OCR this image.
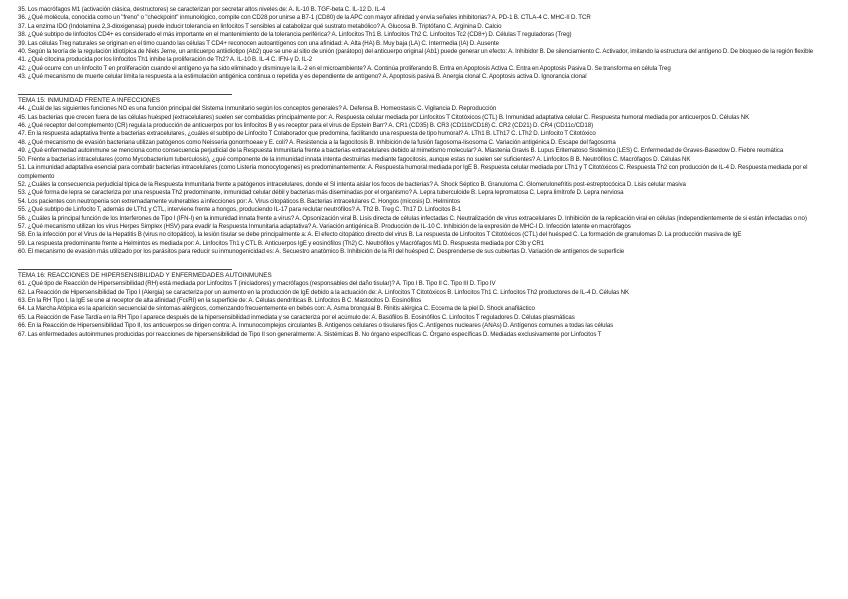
35. Los macrófagos M1 (activación clásica, destructores) se caracterizan por secretar altos niveles de: A. IL-10 B. TGF-beta C. IL-12 D. IL-4

36. ¿Qué molécula, conocida como un "freno" o "checkpoint" inmunológico, compite con CD28 por unirse a B7-1 (CD80) de la APC con mayor afinidad y envía señales inhibitorias? A. PD-1 B. CTLA-4 C. MHC-II D. TCR

37. La enzima IDO (Indolamina 2,3-dioxigenasa) puede inducir tolerancia en linfocitos T sensibles al catabolizar qué sustrato metabólico? A. Glucosa B. Triptófano C. Arginina D. Calcio

38. ¿Qué subtipo de linfocitos CD4+ es considerado el más importante en el mantenimiento de la tolerancia periférica? A. Linfocitos Th1 B. Linfocitos Th2 C. Linfocitos Tc2 (CD8+) D. Células T reguladoras (Treg)

39. Las células Treg naturales se originan en el timo cuando las células T CD4+ reconocen autoantígenos con una afinidad: A. Alta (HA) B. Muy baja (LA) C. Intermedia (IA) D. Ausente

40. Según la teoría de la regulación idiotípica de Niels Jerne, un anticuerpo antiidiotipo (Ab2) que se une al sitio de unión (parátopo) del anticuerpo original (Ab1) puede generar un efecto: A. Inhibidor B. De silenciamiento C. Activador, imitando la estructura del antígeno D. De bloqueo de la región flexible

41. ¿Qué citocina producida por los linfocitos Th1 inhibe la proliferación de Th2? A. IL-10 B. IL-4 C. IFN-γ D. IL-2

42. ¿Qué ocurre con un linfocito T en proliferación cuando el antígeno ya ha sido eliminado y disminuye la IL-2 en el microambiente? A. Continúa proliferando B. Entra en Apoptosis Activa C. Entra en Apoptosis Pasiva D. Se transforma en célula Treg

43. ¿Qué mecanismo de muerte celular limita la respuesta a la estimulación antigénica continua o repetida y es dependiente de antígeno? A. Apoptosis pasiva B. Anergia clonal C. Apoptosis activa D. Ignorancia clonal

TEMA 15: INMUNIDAD FRENTE A INFECCIONES

44. ¿Cuál de las siguientes funciones NO es una función principal del Sistema Inmunitario según los conceptos generales? A. Defensa B. Homeostasis C. Vigilancia D. Reproducción

45. Las bacterias que crecen fuera de las células huésped (extracelulares) suelen ser combatidas principalmente por: A. Respuesta celular mediada por Linfocitos T Citotóxicos (CTL) B. Inmunidad adaptativa celular C. Respuesta humoral mediada por anticuerpos D. Células NK

46. ¿Qué receptor del complemento (CR) regula la producción de anticuerpos por los linfocitos B y es receptor para el virus de Epstein Barr? A. CR1 (CD35) B. CR3 (CD11b/CD18) C. CR2 (CD21) D. CR4 (CD11c/CD18)

47. En la respuesta adaptativa frente a bacterias extracelulares, ¿cuáles el subtipo de Linfocito T Colaborador que predomina, facilitando una respuesta de tipo humoral? A. LTh1 B. LTh17 C. LTh2 D. Linfocito T Citotóxico

48. ¿Qué mecanismo de evasión bacteriana utilizan patógenos como Neisseria gonorrhoeae y E. coli? A. Resistencia a la fagocitosis B. Inhibición de la fusión fagosoma-lisosoma C. Variación antigénica D. Escape del fagosoma

49. ¿Qué enfermedad autoinmune se menciona como consecuencia perjudicial de la Respuesta Inmunitaria frente a bacterias extracelulares debido al mimetismo molecular? A. Miastenia Gravis B. Lupus Eritematoso Sistémico (LES) C. Enfermedad de Graves-Basedow D. Fiebre reumática

50. Frente a bacterias intracelulares (como Mycobacterium tuberculosis), ¿qué componente de la inmunidad innata intenta destruirlas mediante fagocitosis, aunque estas no suelen ser suficientes? A. Linfocitos B B. Neutrófilos C. Macrófagos D. Células NK

51. La inmunidad adaptativa esencial para combatir bacterias intracelulares (como Listeria monocytogenes) es predominantemente: A. Respuesta humoral mediada por IgE B. Respuesta celular mediada por LTh1 y T Citotóxicos C. Respuesta Th2 con producción de IL-4 D. Respuesta mediada por el complemento

52. ¿Cuáles la consecuencia perjudicial típica de la Respuesta Inmunitaria frente a patógenos intracelulares, donde el SI intenta aislar los focos de bacterias? A. Shock Séptico B. Granuloma C. Glomerulonefritis post-estreptocócica D. Lisis celular masiva

53. ¿Qué forma de lepra se caracteriza por una respuesta Th2 predominante, inmunidad celular débil y bacterias más diseminadas por el organismo? A. Lepra tuberculoide B. Lepra lepromatosa C. Lepra limítrofe D. Lepra nerviosa

54. Los pacientes con neutropenia son extremadamente vulnerables a infecciones por: A. Virus citopáticos B. Bacterias intracelulares C. Hongos (micosis) D. Helmintos

55. ¿Qué subtipo de Linfocito T, además de LTh1 y CTL, interviene frente a hongos, produciendo IL-17 para reclutar neutrófilos? A. Th2 B. Treg C. Th17 D. Linfocitos B-1

56. ¿Cuáles la principal función de los Interferones de Tipo I (IFN-I) en la inmunidad innata frente a virus? A. Opsonización viral B. Lisis directa de células infectadas C. Neutralización de virus extracelulares D. Inhibición de la replicación viral en células (independientemente de si están infectadas o no)

57. ¿Qué mecanismo utilizan los virus Herpes Simplex (HSV) para evadir la Respuesta Inmunitaria adaptativa? A. Variación antigénica B. Producción de IL-10 C. Inhibición de la expresión de MHC-I D. Infección latente en macrófagos

58. En la infección por el Virus de la Hepatitis B (virus no citopático), la lesión tisular se debe principalmente a: A. El efecto citopático directo del virus B. La respuesta de Linfocitos T Citotóxicos (CTL) del huésped C. La formación de granulomas D. La producción masiva de IgE

59. La respuesta predominante frente a Helmintos es mediada por: A. Linfocitos Th1 y CTL B. Anticuerpos IgE y eosinófilos (Th2) C. Neutrófilos y Macrófagos M1 D. Respuesta mediada por C3b y CR1

60. El mecanismo de evasión más utilizado por los parásitos para reducir su inmunogenicidad es: A. Secuestro anatómico B. Inhibición de la RI del huésped C. Desprenderse de sus cubiertas D. Variación de antígenos de superficie

TEMA 16: REACCIONES DE HIPERSENSIBILIDAD Y ENFERMEDADES AUTOINMUNES

61. ¿Qué tipo de Reacción de Hipersensibilidad (RH) está mediada por Linfocitos T (iniciadores) y macrófagos (responsables del daño tisular)? A. Tipo I B. Tipo II C. Tipo III D. Tipo IV

62. La Reacción de Hipersensibilidad de Tipo I (Alergia) se caracteriza por un aumento en la producción de IgE debido a la actuación de: A. Linfocitos T Citotóxicos B. Linfocitos Th1 C. Linfocitos Th2 productores de IL-4 D. Células NK

63. En la RH Tipo I, la IgE se une al receptor de alta afinidad (FcεRI) en la superficie de: A. Células dendríticas B. Linfocitos B C. Mastocitos D. Eosinófilos

64. La Marcha Atópica es la aparición secuencial de síntomas alérgicos, comenzando frecuentemente en bebés con: A. Asma bronquial B. Rinitis alérgica C. Eccema de la piel D. Shock anafiláctico

65. La Reacción de Fase Tardía en la RH Tipo I aparece después de la hipersensibilidad inmediata y se caracteriza por el acúmulo de: A. Basófilos B. Eosinófilos C. Linfocitos T reguladores D. Células plasmáticas

66. En la Reacción de Hipersensibilidad Tipo II, los anticuerpos se dirigen contra: A. Inmunocomplejos circulantes B. Antígenos celulares o tisulares fijos C. Antígenos nucleares (ANAs) D. Antígenos comunes a todas las células

67. Las enfermedades autoinmunes producidas por reacciones de hipersensibilidad de Tipo II son generalmente: A. Sistémicas B. No órgano específicas C. Órgano específicas D. Mediadas exclusivamente por Linfocitos T
